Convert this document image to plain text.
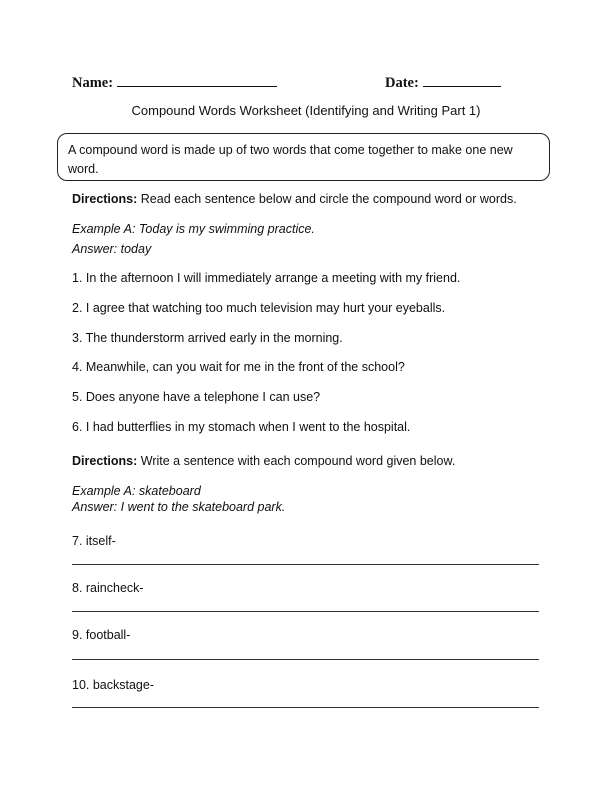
Name:	Date:
Compound Words Worksheet (Identifying and Writing Part 1)
A compound word is made up of two words that come together to make one new word.
Directions: Read each sentence below and circle the compound word or words.
Example A: Today is my swimming practice.
Answer: today
1. In the afternoon I will immediately arrange a meeting with my friend.
2. I agree that watching too much television may hurt your eyeballs.
3. The thunderstorm arrived early in the morning.
4. Meanwhile, can you wait for me in the front of the school?
5. Does anyone have a telephone I can use?
6. I had butterflies in my stomach when I went to the hospital.
Directions: Write a sentence with each compound word given below.
Example A: skateboard
Answer: I went to the skateboard park.
7. itself-
8. raincheck-
9. football-
10. backstage-
